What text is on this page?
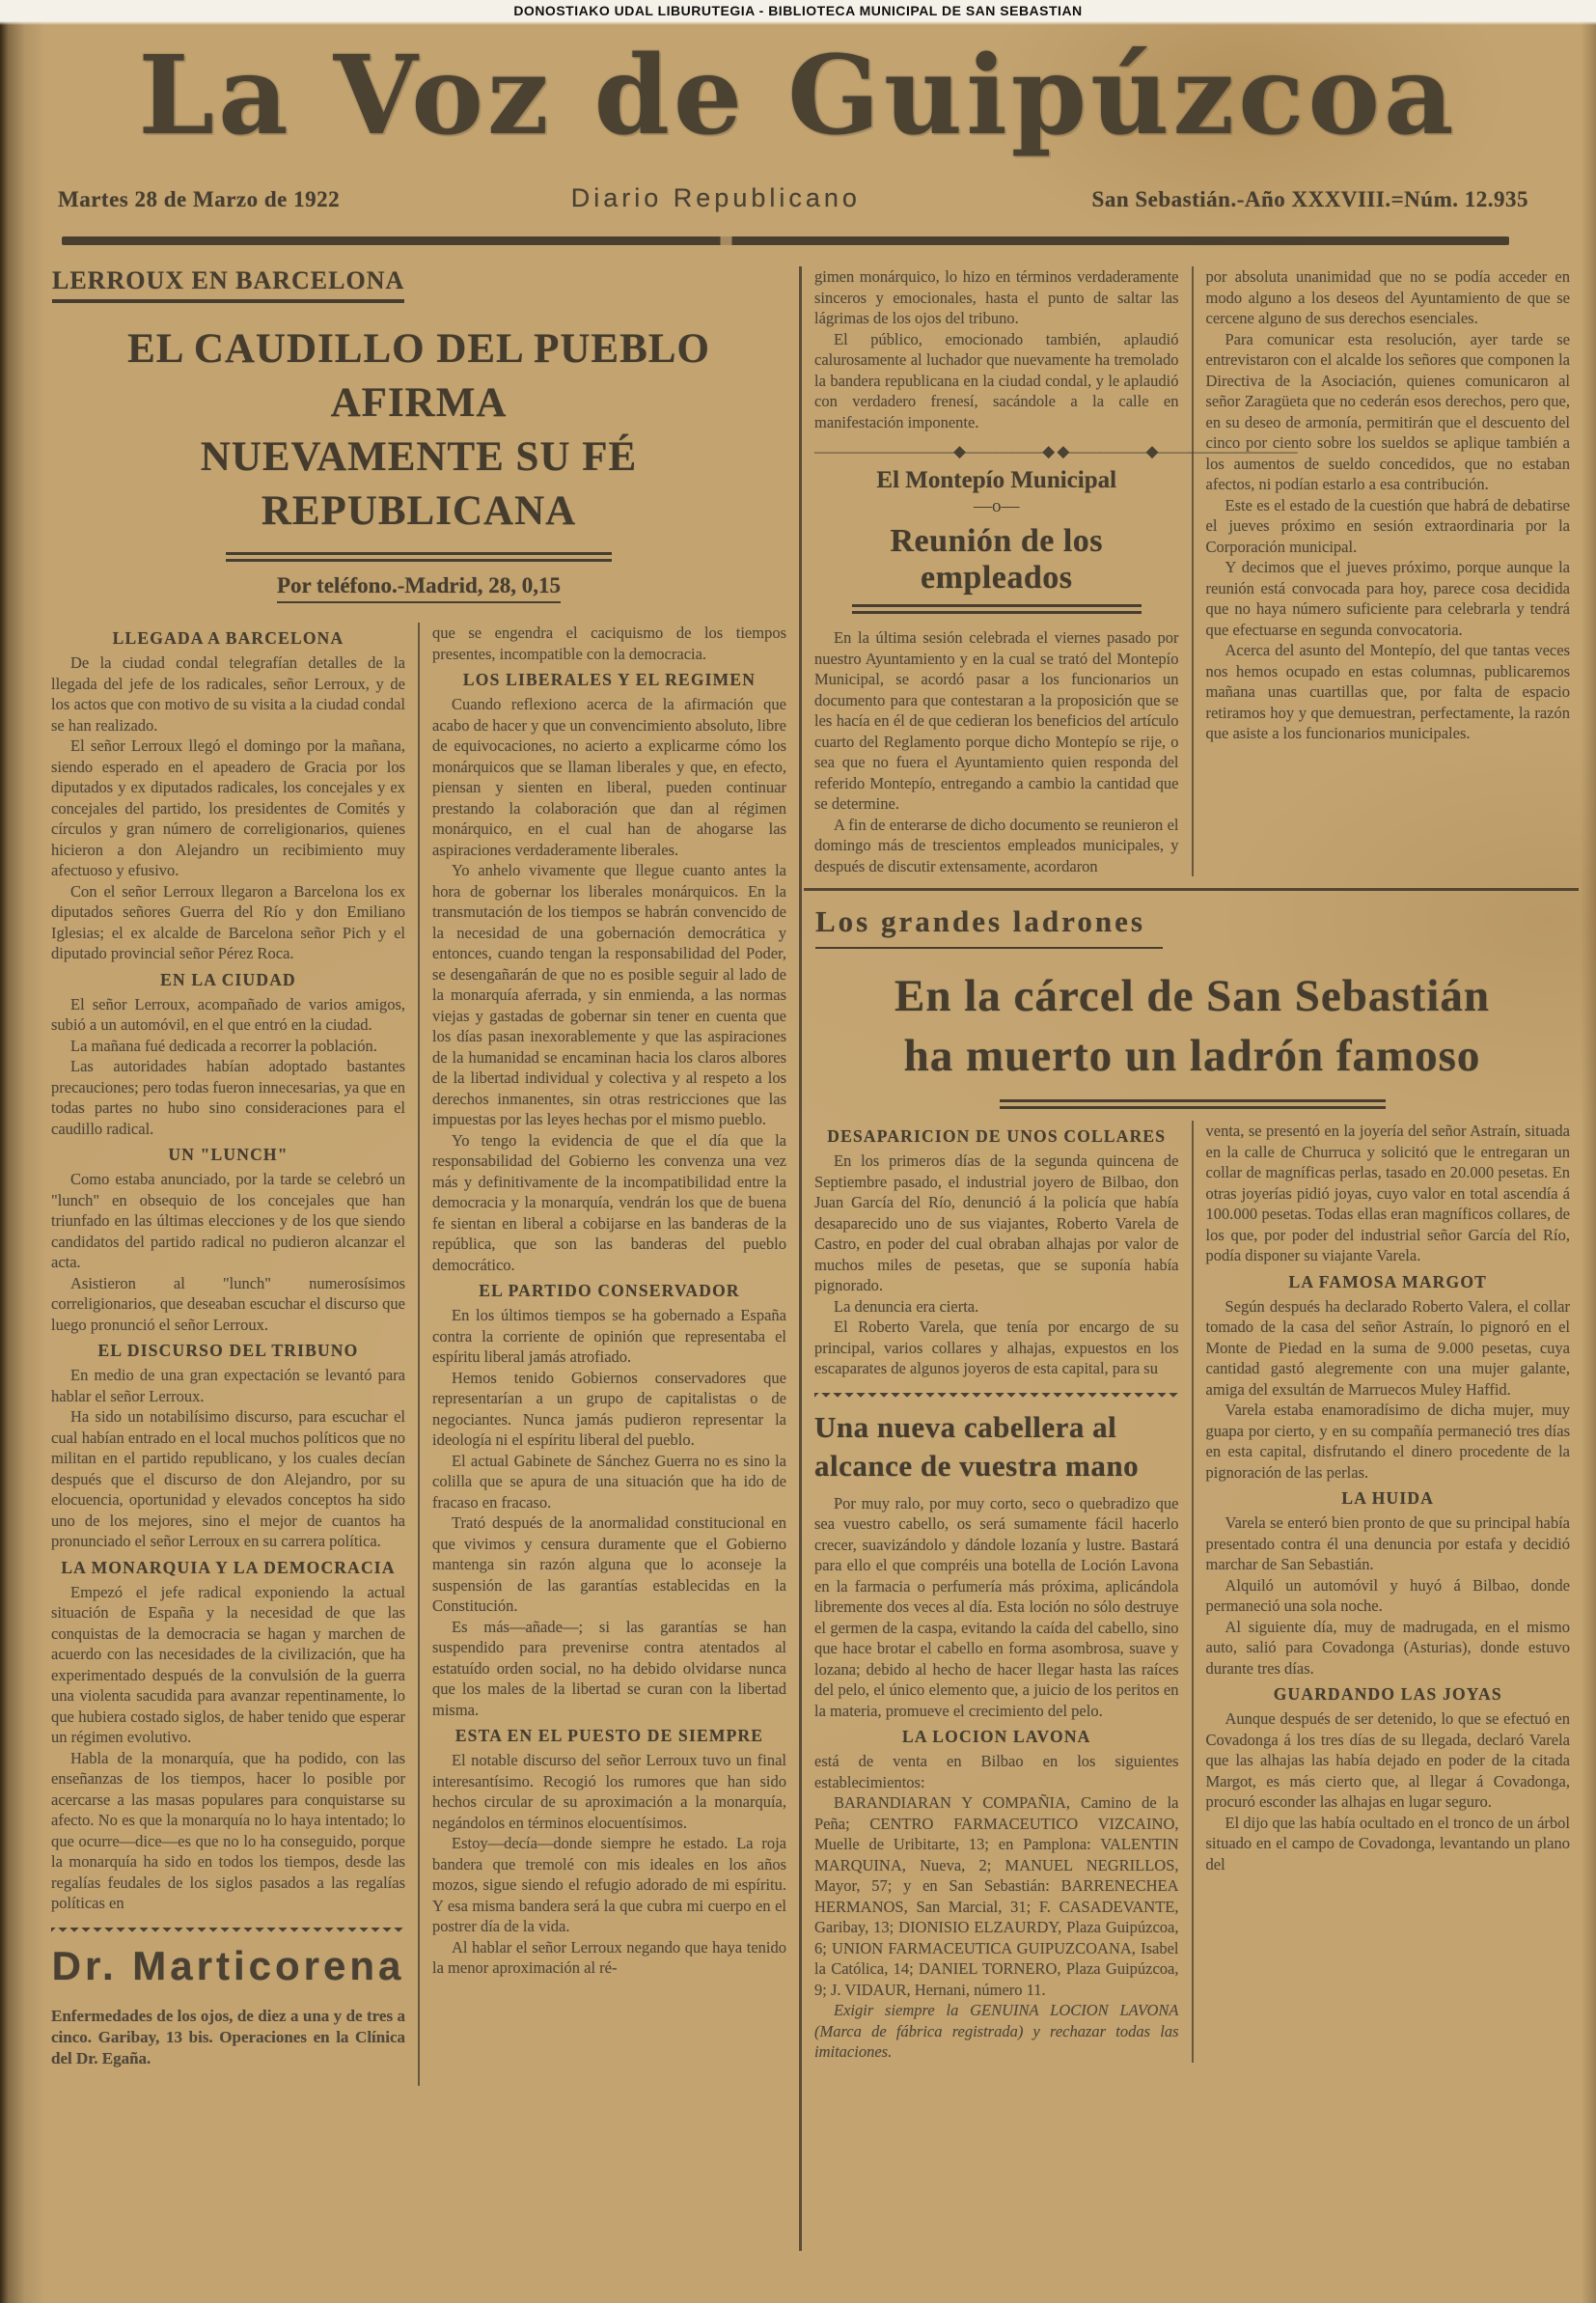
DONOSTIAKO UDAL LIBURUTEGIA - BIBLIOTECA MUNICIPAL DE SAN SEBASTIAN
La Voz de Guipúzcoa
Martes 28 de Marzo de 1922	Diario Republicano	San Sebastián.-Año XXXVIII.=Núm. 12.935
LERROUX EN BARCELONA
EL CAUDILLO DEL PUEBLO AFIRMA
NUEVAMENTE SU FÉ REPUBLICANA
Por teléfono.-Madrid, 28, 0,15

LLEGADA A BARCELONA

De la ciudad condal telegrafían detalles de la llegada del jefe de los radicales, señor Lerroux, y de los actos que con motivo de su visita a la ciudad condal se han realizado.

El señor Lerroux llegó el domingo por la mañana, siendo esperado en el apeadero de Gracia por los diputados y ex diputados radicales, los concejales y ex concejales del partido, los presidentes de Comités y círculos y gran número de correligionarios, quienes hicieron a don Alejandro un recibimiento muy afectuoso y efusivo.

Con el señor Lerroux llegaron a Barcelona los ex diputados señores Guerra del Río y don Emiliano Iglesias; el ex alcalde de Barcelona señor Pich y el diputado provincial señor Pérez Roca.

EN LA CIUDAD

El señor Lerroux, acompañado de varios amigos, subió a un automóvil, en el que entró en la ciudad.

La mañana fué dedicada a recorrer la población.

Las autoridades habían adoptado bastantes precauciones; pero todas fueron innecesarias, ya que en todas partes no hubo sino consideraciones para el caudillo radical.

UN "LUNCH"

Como estaba anunciado, por la tarde se celebró un "lunch" en obsequio de los concejales que han triunfado en las últimas elecciones y de los que siendo candidatos del partido radical no pudieron alcanzar el acta.

Asistieron al "lunch" numerosísimos correligionarios, que deseaban escuchar el discurso que luego pronunció el señor Lerroux.

EL DISCURSO DEL TRIBUNO

En medio de una gran expectación se levantó para hablar el señor Lerroux.

Ha sido un notabilísimo discurso, para escuchar el cual habían entrado en el local muchos políticos que no militan en el partido republicano, y los cuales decían después que el discurso de don Alejandro, por su elocuencia, oportunidad y elevados conceptos ha sido uno de los mejores, sino el mejor de cuantos ha pronunciado el señor Lerroux en su carrera política.

LA MONARQUIA Y LA DEMOCRACIA

Empezó el jefe radical exponiendo la actual situación de España y la necesidad de que las conquistas de la democracia se hagan y marchen de acuerdo con las necesidades de la civilización, que ha experimentado después de la convulsión de la guerra una violenta sacudida para avanzar repentinamente, lo que hubiera costado siglos, de haber tenido que esperar un régimen evolutivo.

Habla de la monarquía, que ha podido, con las enseñanzas de los tiempos, hacer lo posible por acercarse a las masas populares para conquistarse su afecto. No es que la monarquía no lo haya intentado; lo que ocurre—dice—es que no lo ha conseguido, porque la monarquía ha sido en todos los tiempos, desde las regalías feudales de los siglos pasados a las regalías políticas en

Dr. Marticorena

Enfermedades de los ojos, de diez a una y de tres a cinco. Garibay, 13 bis. Operaciones en la Clínica del Dr. Egaña.

que se engendra el caciquismo de los tiempos presentes, incompatible con la democracia.

LOS LIBERALES Y EL REGIMEN

Cuando reflexiono acerca de la afirmación que acabo de hacer y que un convencimiento absoluto, libre de equivocaciones, no acierto a explicarme cómo los monárquicos que se llaman liberales y que, en efecto, piensan y sienten en liberal, pueden continuar prestando la colaboración que dan al régimen monárquico, en el cual han de ahogarse las aspiraciones verdaderamente liberales.

Yo anhelo vivamente que llegue cuanto antes la hora de gobernar los liberales monárquicos. En la transmutación de los tiempos se habrán convencido de la necesidad de una gobernación democrática y entonces, cuando tengan la responsabilidad del Poder, se desengañarán de que no es posible seguir al lado de la monarquía aferrada, y sin enmienda, a las normas viejas y gastadas de gobernar sin tener en cuenta que los días pasan inexorablemente y que las aspiraciones de la humanidad se encaminan hacia los claros albores de la libertad individual y colectiva y al respeto a los derechos inmanentes, sin otras restricciones que las impuestas por las leyes hechas por el mismo pueblo.

Yo tengo la evidencia de que el día que la responsabilidad del Gobierno les convenza una vez más y definitivamente de la incompatibilidad entre la democracia y la monarquía, vendrán los que de buena fe sientan en liberal a cobijarse en las banderas de la república, que son las banderas del pueblo democrático.

EL PARTIDO CONSERVADOR

En los últimos tiempos se ha gobernado a España contra la corriente de opinión que representaba el espíritu liberal jamás atrofiado.

Hemos tenido Gobiernos conservadores que representarían a un grupo de capitalistas o de negociantes. Nunca jamás pudieron representar la ideología ni el espíritu liberal del pueblo.

El actual Gabinete de Sánchez Guerra no es sino la colilla que se apura de una situación que ha ido de fracaso en fracaso.

Trató después de la anormalidad constitucional en que vivimos y censura duramente que el Gobierno mantenga sin razón alguna que lo aconseje la suspensión de las garantías establecidas en la Constitución.

Es más—añade—; si las garantías se han suspendido para prevenirse contra atentados al estatuído orden social, no ha debido olvidarse nunca que los males de la libertad se curan con la libertad misma.

ESTA EN EL PUESTO DE SIEMPRE

El notable discurso del señor Lerroux tuvo un final interesantísimo. Recogió los rumores que han sido hechos circular de su aproximación a la monarquía, negándolos en términos elocuentísimos.

Estoy—decía—donde siempre he estado. La roja bandera que tremolé con mis ideales en los años mozos, sigue siendo el refugio adorado de mi espíritu. Y esa misma bandera será la que cubra mi cuerpo en el postrer día de la vida.

Al hablar el señor Lerroux negando que haya tenido la menor aproximación al ré-

gimen monárquico, lo hizo en términos verdaderamente sinceros y emocionales, hasta el punto de saltar las lágrimas de los ojos del tribuno.

El público, emocionado también, aplaudió calurosamente al luchador que nuevamente ha tremolado la bandera republicana en la ciudad condal, y le aplaudió con verdadero frenesí, sacándole a la calle en manifestación imponente.

—————————◆—————◆ ◆—————◆—————————
El Montepío Municipal
—o—
Reunión de los empleados

En la última sesión celebrada el viernes pasado por nuestro Ayuntamiento y en la cual se trató del Montepío Municipal, se acordó pasar a los funcionarios un documento para que contestaran a la proposición que se les hacía en él de que cedieran los beneficios del artículo cuarto del Reglamento porque dicho Montepío se rije, o sea que no fuera el Ayuntamiento quien responda del referido Montepío, entregando a cambio la cantidad que se determine.

A fin de enterarse de dicho documento se reunieron el domingo más de trescientos empleados municipales, y después de discutir extensamente, acordaron

por absoluta unanimidad que no se podía acceder en modo alguno a los deseos del Ayuntamiento de que se cercene alguno de sus derechos esenciales.

Para comunicar esta resolución, ayer tarde se entrevistaron con el alcalde los señores que componen la Directiva de la Asociación, quienes comunicaron al señor Zaragüeta que no cederán esos derechos, pero que, en su deseo de armonía, permitirán que el descuento del cinco por ciento sobre los sueldos se aplique también a los aumentos de sueldo concedidos, que no estaban afectos, ni podían estarlo a esa contribución.

Este es el estado de la cuestión que habrá de debatirse el jueves próximo en sesión extraordinaria por la Corporación municipal.

Y decimos que el jueves próximo, porque aunque la reunión está convocada para hoy, parece cosa decidida que no haya número suficiente para celebrarla y tendrá que efectuarse en segunda convocatoria.

Acerca del asunto del Montepío, del que tantas veces nos hemos ocupado en estas columnas, publicaremos mañana unas cuartillas que, por falta de espacio retiramos hoy y que demuestran, perfectamente, la razón que asiste a los funcionarios municipales.

Los grandes ladrones
En la cárcel de San Sebastián
ha muerto un ladrón famoso

DESAPARICION DE UNOS COLLARES

En los primeros días de la segunda quincena de Septiembre pasado, el industrial joyero de Bilbao, don Juan García del Río, denunció á la policía que había desaparecido uno de sus viajantes, Roberto Varela de Castro, en poder del cual obraban alhajas por valor de muchos miles de pesetas, que se suponía había pignorado.

La denuncia era cierta.

El Roberto Varela, que tenía por encargo de su principal, varios collares y alhajas, expuestos en los escaparates de algunos joyeros de esta capital, para su

Una nueva cabellera al
alcance de vuestra mano

Por muy ralo, por muy corto, seco o quebradizo que sea vuestro cabello, os será sumamente fácil hacerlo crecer, suavizándolo y dándole lozanía y lustre. Bastará para ello el que compréis una botella de Loción Lavona en la farmacia o perfumería más próxima, aplicándola libremente dos veces al día. Esta loción no sólo destruye el germen de la caspa, evitando la caída del cabello, sino que hace brotar el cabello en forma asombrosa, suave y lozana; debido al hecho de hacer llegar hasta las raíces del pelo, el único elemento que, a juicio de los peritos en la materia, promueve el crecimiento del pelo.

LA LOCION LAVONA

está de venta en Bilbao en los siguientes establecimientos:

BARANDIARAN Y COMPAÑIA, Camino de la Peña; CENTRO FARMACEUTICO VIZCAINO, Muelle de Uribitarte, 13; en Pamplona: VALENTIN MARQUINA, Nueva, 2; MANUEL NEGRILLOS, Mayor, 57; y en San Sebastián: BARRENECHEA HERMANOS, San Marcial, 31; F. CASADEVANTE, Garibay, 13; DIONISIO ELZAURDY, Plaza Guipúzcoa, 6; UNION FARMACEUTICA GUIPUZCOANA, Isabel la Católica, 14; DANIEL TORNERO, Plaza Guipúzcoa, 9; J. VIDAUR, Hernani, número 11.

Exigir siempre la GENUINA LOCION LAVONA (Marca de fábrica registrada) y rechazar todas las imitaciones.

venta, se presentó en la joyería del señor Astraín, situada en la calle de Churruca y solicitó que le entregaran un collar de magníficas perlas, tasado en 20.000 pesetas. En otras joyerías pidió joyas, cuyo valor en total ascendía á 100.000 pesetas. Todas ellas eran magníficos collares, de los que, por poder del industrial señor García del Río, podía disponer su viajante Varela.

LA FAMOSA MARGOT

Según después ha declarado Roberto Valera, el collar tomado de la casa del señor Astraín, lo pignoró en el Monte de Piedad en la suma de 9.000 pesetas, cuya cantidad gastó alegremente con una mujer galante, amiga del exsultán de Marruecos Muley Haffid.

Varela estaba enamoradísimo de dicha mujer, muy guapa por cierto, y en su compañía permaneció tres días en esta capital, disfrutando el dinero procedente de la pignoración de las perlas.

LA HUIDA

Varela se enteró bien pronto de que su principal había presentado contra él una denuncia por estafa y decidió marchar de San Sebastián.

Alquiló un automóvil y huyó á Bilbao, donde permaneció una sola noche.

Al siguiente día, muy de madrugada, en el mismo auto, salió para Covadonga (Asturias), donde estuvo durante tres días.

GUARDANDO LAS JOYAS

Aunque después de ser detenido, lo que se efectuó en Covadonga á los tres días de su llegada, declaró Varela que las alhajas las había dejado en poder de la citada Margot, es más cierto que, al llegar á Covadonga, procuró esconder las alhajas en lugar seguro.

El dijo que las había ocultado en el tronco de un árbol situado en el campo de Covadonga, levantando un plano del
